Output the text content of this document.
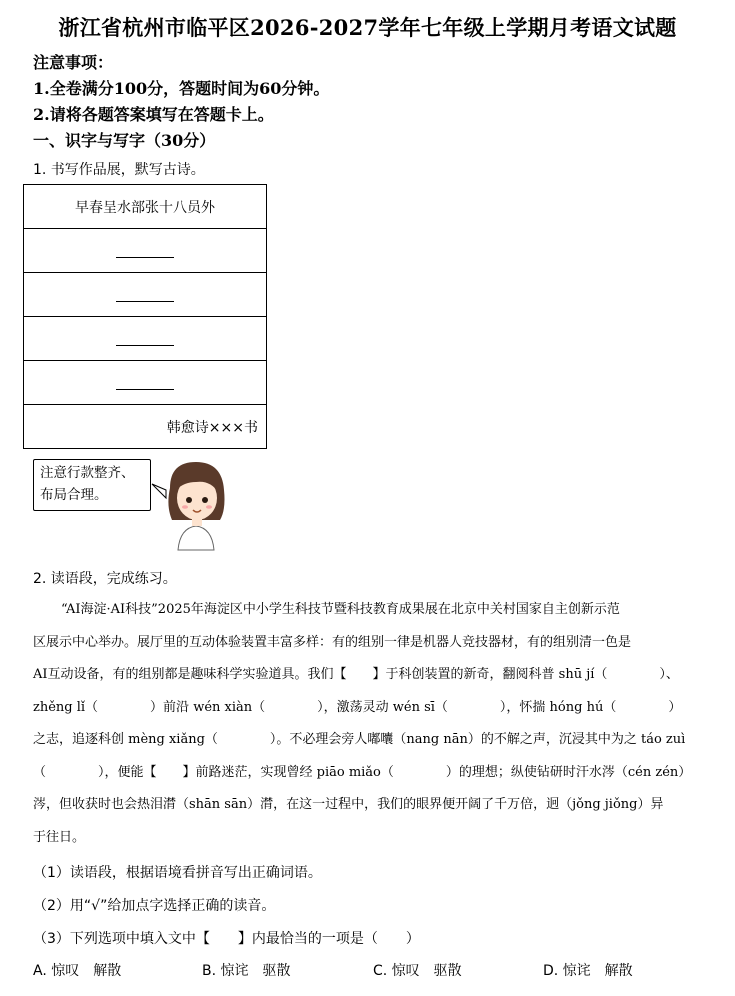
浙江省杭州市临平区2026-2027学年七年级上学期月考语文试题
注意事项：
1.全卷满分100分，答题时间为60分钟。
2.请将各题答案填写在答题卡上。
一、识字与写字（30分）
1. 书写作品展，默写古诗。
早春呈水部张十八员外

韩愈诗×××书
注意行款整齐、布局合理。
2. 读语段，完成练习。

“AI海淀·AI科技”2025年海淀区中小学生科技节暨科技教育成果展在北京中关村国家自主创新示范

区展示中心举办。展厅里的互动体验装置丰富多样：有的组别一律是机器人竞技器材，有的组别清一色是

AI互动设备，有的组别都是趣味科学实验道具。我们【　　】于科创装置的新奇，翻阅科普 shū jí（　　　　）、

zhěng lǐ（　　　　）前沿 wén xiàn（　　　　），激荡灵动 wén sī（　　　　），怀揣 hóng hú（　　　　）

之志，追逐科创 mèng xiǎng（　　　　）。不必理会旁人嘟囔（nang nān）的不解之声，沉浸其中为之 táo zuì

（　　　　），便能【　　】前路迷茫，实现曾经 piāo miǎo（　　　　）的理想；纵使钻研时汗水涔（cén zén）

涔，但收获时也会热泪潸（shān sān）潸，在这一过程中，我们的眼界便开阔了千万倍，迥（jǒng jiǒng）异

于往日。

（1）读语段，根据语境看拼音写出正确词语。
（2）用“√”给加点字选择正确的读音。
（3）下列选项中填入文中【　　】内最恰当的一项是（　　）
A. 惊叹　解散	B. 惊诧　驱散	C. 惊叹　驱散	D. 惊诧　解散
